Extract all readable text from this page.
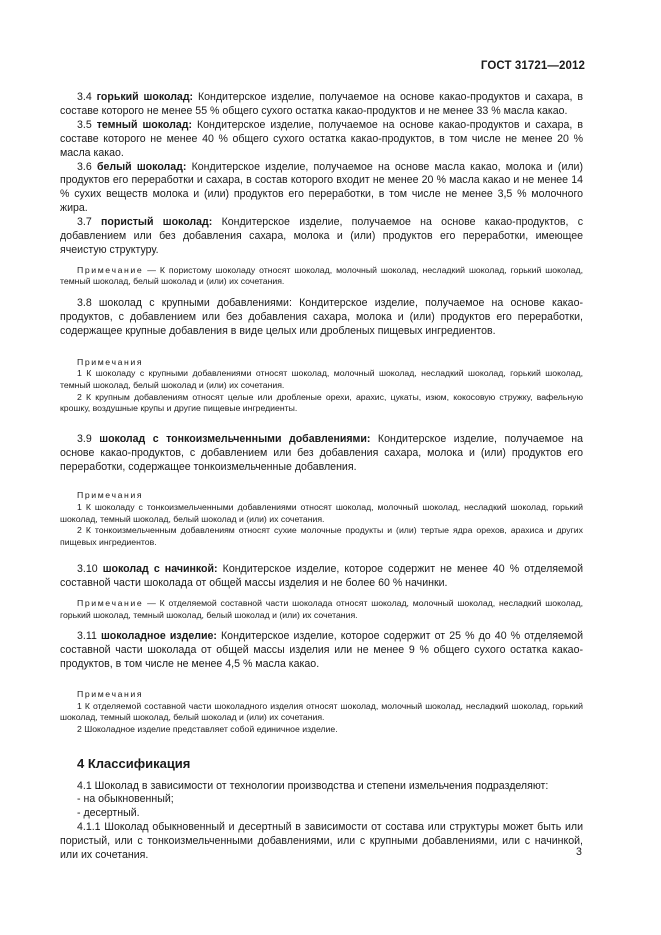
ГОСТ 31721—2012

3.4 горький шоколад: Кондитерское изделие, получаемое на основе какао-продуктов и сахара, в составе которого не менее 55 % общего сухого остатка какао-продуктов и не менее 33 % масла какао.

3.5 темный шоколад: Кондитерское изделие, получаемое на основе какао-продуктов и сахара, в составе которого не менее 40 % общего сухого остатка какао-продуктов, в том числе не менее 20 % масла какао.

3.6 белый шоколад: Кондитерское изделие, получаемое на основе масла какао, молока и (или) продуктов его переработки и сахара, в состав которого входит не менее 20 % масла какао и не менее 14 % сухих веществ молока и (или) продуктов его переработки, в том числе не менее 3,5 % молочного жира.

3.7 пористый шоколад: Кондитерское изделие, получаемое на основе какао-продуктов, с добавлением или без добавления сахара, молока и (или) продуктов его переработки, имеющее ячеистую структуру.

Примечание — К пористому шоколаду относят шоколад, молочный шоколад, несладкий шоколад, горький шоколад, темный шоколад, белый шоколад и (или) их сочетания.

3.8 шоколад с крупными добавлениями: Кондитерское изделие, получаемое на основе какао-продуктов, с добавлением или без добавления сахара, молока и (или) продуктов его переработки, содержащее крупные добавления в виде целых или дробленых пищевых ингредиентов.

Примечания

1 К шоколаду с крупными добавлениями относят шоколад, молочный шоколад, несладкий шоколад, горький шоколад, темный шоколад, белый шоколад и (или) их сочетания.

2 К крупным добавлениям относят целые или дробленые орехи, арахис, цукаты, изюм, кокосовую стружку, вафельную крошку, воздушные крупы и другие пищевые ингредиенты.

3.9 шоколад с тонкоизмельченными добавлениями: Кондитерское изделие, получаемое на основе какао-продуктов, с добавлением или без добавления сахара, молока и (или) продуктов его переработки, содержащее тонкоизмельченные добавления.

Примечания

1 К шоколаду с тонкоизмельченными добавлениями относят шоколад, молочный шоколад, несладкий шоколад, горький шоколад, темный шоколад, белый шоколад и (или) их сочетания.

2 К тонкоизмельченным добавлениям относят сухие молочные продукты и (или) тертые ядра орехов, арахиса и других пищевых ингредиентов.

3.10 шоколад с начинкой: Кондитерское изделие, которое содержит не менее 40 % отделяемой составной части шоколада от общей массы изделия и не более 60 % начинки.

Примечание — К отделяемой составной части шоколада относят шоколад, молочный шоколад, несладкий шоколад, горький шоколад, темный шоколад, белый шоколад и (или) их сочетания.

3.11 шоколадное изделие: Кондитерское изделие, которое содержит от 25 % до 40 % отделяемой составной части шоколада от общей массы изделия или не менее 9 % общего сухого остатка какао-продуктов, в том числе не менее 4,5 % масла какао.

Примечания

1 К отделяемой составной части шоколадного изделия относят шоколад, молочный шоколад, несладкий шоколад, горький шоколад, темный шоколад, белый шоколад и (или) их сочетания.

2 Шоколадное изделие представляет собой единичное изделие.

4 Классификация

4.1 Шоколад в зависимости от технологии производства и степени измельчения подразделяют:

- на обыкновенный;

- десертный.

4.1.1 Шоколад обыкновенный и десертный в зависимости от состава или структуры может быть или пористый, или с тонкоизмельченными добавлениями, или с крупными добавлениями, или с начинкой, или их сочетания.	3
